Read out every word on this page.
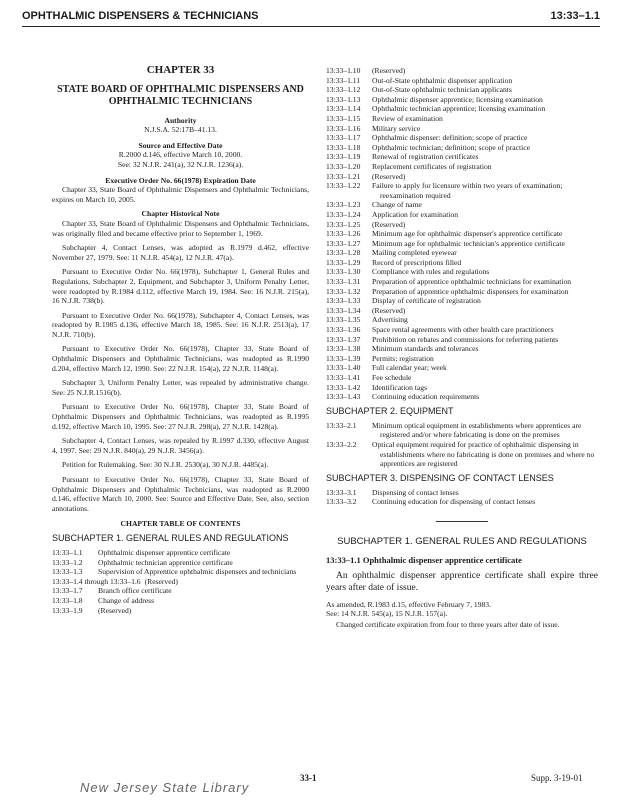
OPHTHALMIC DISPENSERS & TECHNICIANS	13:33–1.1
CHAPTER 33
STATE BOARD OF OPHTHALMIC DISPENSERS AND OPHTHALMIC TECHNICIANS
Authority
N.J.S.A. 52:17B–41.13.
Source and Effective Date
R.2000 d.146, effective March 10, 2000.
See: 32 N.J.R. 241(a), 32 N.J.R. 1236(a).
Executive Order No. 66(1978) Expiration Date

Chapter 33, State Board of Ophthalmic Dispensers and Ophthalmic Technicians, expires on March 10, 2005.

Chapter Historical Note

Chapter 33, State Board of Ophthalmic Dispensers and Ophthalmic Technicians, was originally filed and became effective prior to September 1, 1969.

Subchapter 4, Contact Lenses, was adopted as R.1979 d.462, effective November 27, 1979. See: 11 N.J.R. 454(a), 12 N.J.R. 47(a).

Pursuant to Executive Order No. 66(1978), Subchapter 1, General Rules and Regulations, Subchapter 2, Equipment, and Subchapter 3, Uniform Penalty Letter, were readopted by R.1984 d.112, effective March 19, 1984. See: 16 N.J.R. 215(a), 16 N.J.R. 738(b).

Pursuant to Executive Order No. 66(1978), Subchapter 4, Contact Lenses, was readopted by R.1985 d.136, effective March 18, 1985. See: 16 N.J.R. 2513(a), 17 N.J.R. 710(b).

Pursuant to Executive Order No. 66(1978), Chapter 33, State Board of Ophthalmic Dispensers and Ophthalmic Technicians, was readopted as R.1990 d.204, effective March 12, 1990. See: 22 N.J.R. 154(a), 22 N.J.R. 1148(a).

Subchapter 3, Uniform Penalty Letter, was repealed by administrative change. See: 25 N.J.R.1516(b).

Pursuant to Executive Order No. 66(1978), Chapter 33, State Board of Ophthalmic Dispensers and Ophthalmic Technicians, was readopted as R.1995 d.192, effective March 10, 1995. See: 27 N.J.R. 298(a), 27 N.J.R. 1428(a).

Subchapter 4, Contact Lenses, was repealed by R.1997 d.330, effective August 4, 1997. See: 29 N.J.R. 840(a), 29 N.J.R. 3456(a).

Petition for Rulemaking. See: 30 N.J.R. 2530(a), 30 N.J.R. 4485(a).

Pursuant to Executive Order No. 66(1978), Chapter 33, State Board of Ophthalmic Dispensers and Ophthalmic Technicians, was readopted as R.2000 d.146, effective March 10, 2000. See: Source and Effective Date. See, also, section annotations.

CHAPTER TABLE OF CONTENTS
SUBCHAPTER 1. GENERAL RULES AND REGULATIONS
13:33–1.1	Ophthalmic dispenser apprentice certificate
13:33–1.2	Ophthalmic technician apprentice certificate
13:33–1.3	Supervision of Apprentice ophthalmic dispensers and technicians
13:33–1.4 through 13:33–1.6 (Reserved)
13:33–1.7	Branch office certificate
13:33–1.8	Change of address
13:33–1.9	(Reserved)
13:33–1.10	(Reserved)
13:33–1.11	Out-of-State ophthalmic dispenser application
13:33–1.12	Out-of-State ophthalmic technician applicants
13:33–1.13	Ophthalmic dispenser apprentice; licensing examination
13:33–1.14	Ophthalmic technician apprentice; licensing examination
13:33–1.15	Review of examination
13:33–1.16	Military service
13:33–1.17	Ophthalmic dispenser: definition; scope of practice
13:33–1.18	Ophthalmic technician; definition; scope of practice
13:33–1.19	Renewal of registration certificates
13:33–1.20	Replacement certificates of registration
13:33–1.21	(Reserved)
13:33–1.22	Failure to apply for licensure within two years of examination; reexamination required
13:33–1.23	Change of name
13:33–1.24	Application for examination
13:33–1.25	(Reserved)
13:33–1.26	Minimum age for ophthalmic dispenser's apprentice certificate
13:33–1.27	Minimum age for ophthalmic technician's apprentice certificate
13:33–1.28	Mailing completed eyewear
13:33–1.29	Record of prescriptions filled
13:33–1.30	Compliance with rules and regulations
13:33–1.31	Preparation of apprentice ophthalmic technicians for examination
13:33–1.32	Preparation of apprentice ophthalmic dispensers for examination
13:33–1.33	Display of certificate of registration
13:33–1.34	(Reserved)
13:33–1.35	Advertising
13:33–1.36	Space rental agreements with other health care practitioners
13:33–1.37	Prohibition on rebates and commissions for referring patients
13:33–1.38	Minimum standards and tolerances
13:33–1.39	Permits; registration
13:33–1.40	Full calendar year; week
13:33–1.41	Fee schedule
13:33–1.42	Identification tags
13:33–1.43	Continuing education requirements
SUBCHAPTER 2. EQUIPMENT
13:33–2.1	Minimum optical equipment in establishments where apprentices are registered and/or where fabricating is done on the premises
13:33–2.2	Optical equipment required for practice of ophthalmic dispensing in establishments where no fabricating is done on premises and where no apprentices are registered
SUBCHAPTER 3. DISPENSING OF CONTACT LENSES
13:33–3.1	Dispensing of contact lenses
13:33–3.2	Continuing education for dispensing of contact lenses
SUBCHAPTER 1. GENERAL RULES AND REGULATIONS
13:33–1.1 Ophthalmic dispenser apprentice certificate

An ophthalmic dispenser apprentice certificate shall expire three years after date of issue.

As amended, R.1983 d.15, effective February 7, 1983.
See: 14 N.J.R. 545(a), 15 N.J.R. 157(a).

Changed certificate expiration from four to three years after date of issue.

33-1	Supp. 3-19-01
New Jersey State Library
